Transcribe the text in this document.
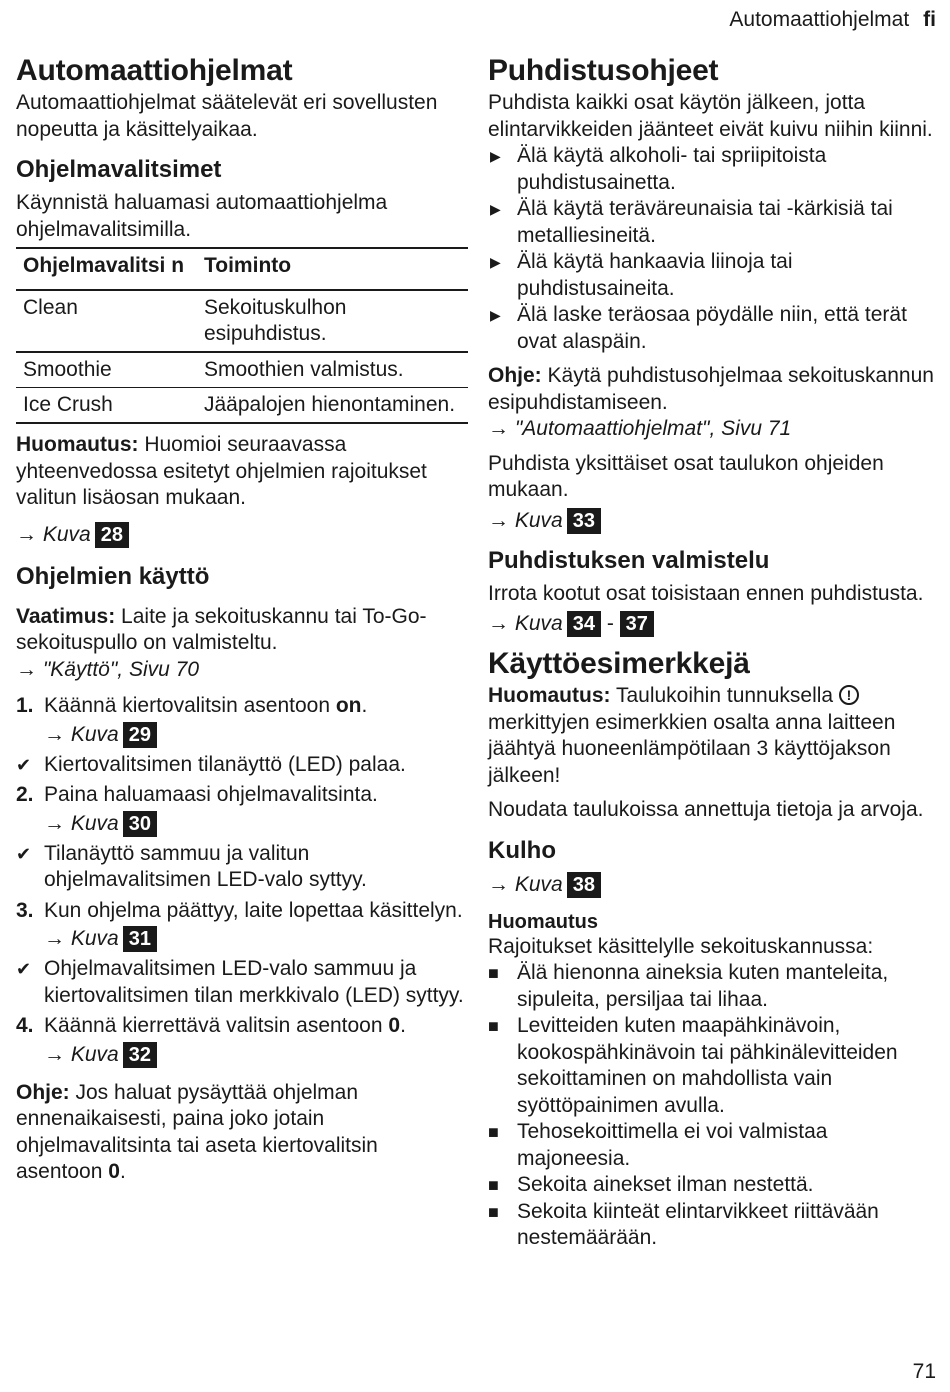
Automaattiohjelmat fi
Automaattiohjelmat

Automaattiohjelmat säätelevät eri sovellusten nopeutta ja käsittelyaikaa.

Ohjelmavalitsimet

Käynnistä haluamasi automaattiohjelma ohjelmavalitsimilla.

Ohjelmavalitsi n	Toiminto
Clean	Sekoituskulhon esipuhdistus.
Smoothie	Smoothien valmistus.
Ice Crush	Jääpalojen hienontaminen.

Huomautus: Huomioi seuraavassa yhteenvedossa esitetyt ohjelmien rajoitukset valitun lisäosan mukaan.

→ Kuva 28
Ohjelmien käyttö

Vaatimus: Laite ja sekoituskannu tai To-Go-sekoituspullo on valmisteltu.

→ "Käyttö", Sivu 70

1. Käännä kiertovalitsin asentoon on.
→ Kuva 29
✔ Kiertovalitsimen tilanäyttö (LED) palaa.
2. Paina haluamaasi ohjelmavalitsinta.
→ Kuva 30
✔ Tilanäyttö sammuu ja valitun ohjelmavalitsimen LED-valo syttyy.
3. Kun ohjelma päättyy, laite lopettaa käsittelyn.
→ Kuva 31
✔ Ohjelmavalitsimen LED-valo sammuu ja kiertovalitsimen tilan merkkivalo (LED) syttyy.
4. Käännä kierrettävä valitsin asentoon 0.
→ Kuva 32

Ohje: Jos haluat pysäyttää ohjelman ennenaikaisesti, paina joko jotain ohjelmavalitsinta tai aseta kiertovalitsin asentoon 0.

Puhdistusohjeet

Puhdista kaikki osat käytön jälkeen, jotta elintarvikkeiden jäänteet eivät kuivu niihin kiinni.

▶ Älä käytä alkoholi- tai spriipitoista puhdistusainetta.
▶ Älä käytä teräväreunaisia tai -kärkisiä tai metalliesineitä.
▶ Älä käytä hankaavia liinoja tai puhdistusaineita.
▶ Älä laske teräosaa pöydälle niin, että terät ovat alaspäin.

Ohje: Käytä puhdistusohjelmaa sekoituskannun esipuhdistamiseen.

→ "Automaattiohjelmat", Sivu 71

Puhdista yksittäiset osat taulukon ohjeiden mukaan.

→ Kuva 33
Puhdistuksen valmistelu

Irrota kootut osat toisistaan ennen puhdistusta.

→ Kuva 34 - 37
Käyttöesimerkkejä

Huomautus: Taulukoihin tunnuksella ! merkittyjen esimerkkien osalta anna laitteen jäähtyä huoneenlämpötilaan 3 käyttöjakson jälkeen!

Noudata taulukoissa annettuja tietoja ja arvoja.

Kulho
→ Kuva 38
Huomautus

Rajoitukset käsittelylle sekoituskannussa:

■ Älä hienonna aineksia kuten manteleita, sipuleita, persiljaa tai lihaa.
■ Levitteiden kuten maapähkinävoin, kookospähkinävoin tai pähkinälevitteiden sekoittaminen on mahdollista vain syöttöpainimen avulla.
■ Tehosekoittimella ei voi valmistaa majoneesia.
■ Sekoita ainekset ilman nestettä.
■ Sekoita kiinteät elintarvikkeet riittävään nestemäärään.
71
